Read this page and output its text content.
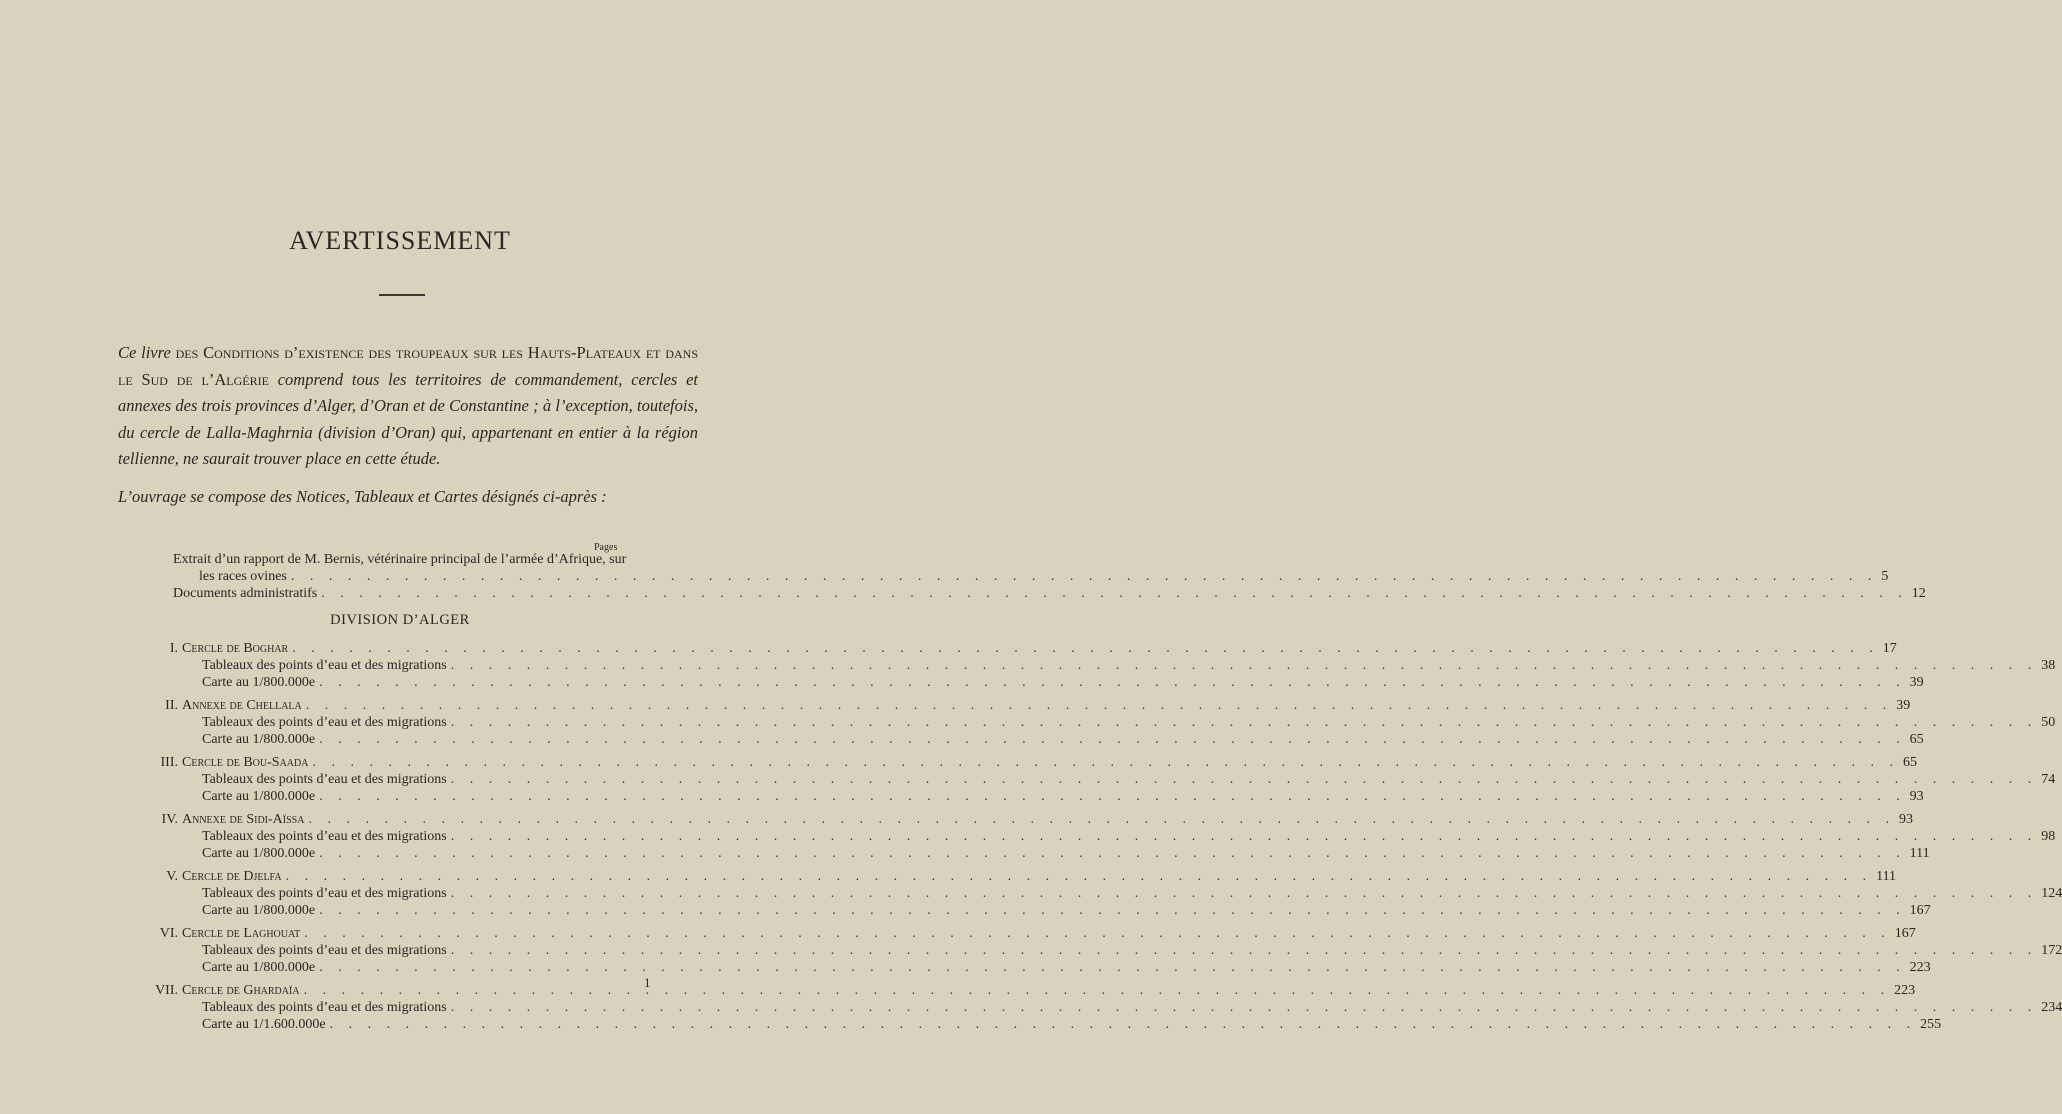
AVERTISSEMENT
Ce livre des Conditions d’existence des troupeaux sur les Hauts-Plateaux et dans le Sud de l’Algérie comprend tous les territoires de commandement, cercles et annexes des trois provinces d’Alger, d’Oran et de Constantine ; à l’exception, toutefois, du cercle de Lalla-Maghrnia (division d’Oran) qui, appartenant en entier à la région tellienne, ne saurait trouver place en cette étude.
L’ouvrage se compose des Notices, Tableaux et Cartes désignés ci-après :
Pages
Extrait d’un rapport de M. Bernis, vétérinaire principal de l’armée d’Afrique, sur
les races ovines . . .	5
Documents administratifs . . .	12
DIVISION D’ALGER
I. Cercle de Boghar . . .	17
Tableaux des points d’eau et des migrations . . .	38
Carte au 1/800.000e . . .	39
II. Annexe de Chellala . . .	39
Tableaux des points d’eau et des migrations . . .	50
Carte au 1/800.000e . . .	65
III. Cercle de Bou-Saada . . .	65
Tableaux des points d’eau et des migrations . . .	74
Carte au 1/800.000e . . .	93
IV. Annexe de Sidi-Aïssa . . .	93
Tableaux des points d’eau et des migrations . . .	98
Carte au 1/800.000e . . .	111
V. Cercle de Djelfa . . .	111
Tableaux des points d’eau et des migrations . . .	124
Carte au 1/800.000e . . .	167
VI. Cercle de Laghouat . . .	167
Tableaux des points d’eau et des migrations . . .	172
Carte au 1/800.000e . . .	223
VII. Cercle de Ghardaïa . . .	223
Tableaux des points d’eau et des migrations . . .	234
Carte au 1/1.600.000e . . .	255
1
